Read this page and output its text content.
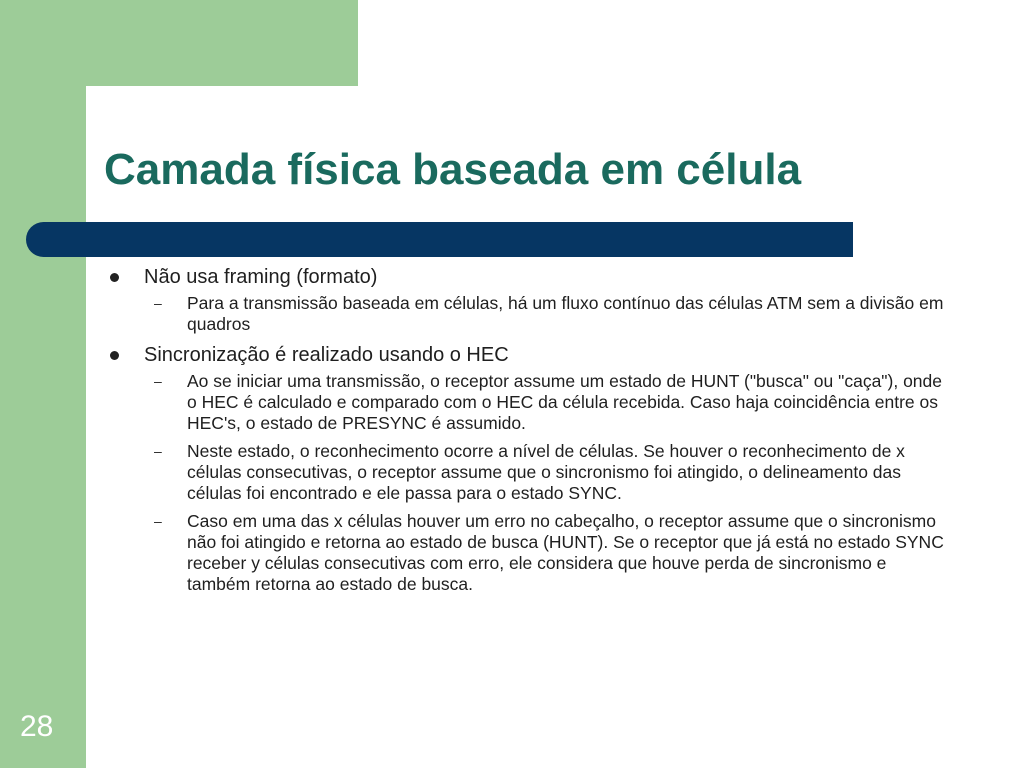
Camada física baseada em célula
Não usa framing (formato)
– Para a transmissão baseada em células, há um fluxo contínuo das células ATM sem a divisão em quadros
Sincronização é realizado usando o HEC
– Ao se iniciar uma transmissão, o receptor assume um estado de HUNT ("busca" ou "caça"), onde o HEC é calculado e comparado com o HEC da célula recebida. Caso haja coincidência entre os HEC's, o estado de PRESYNC é assumido.
– Neste estado, o reconhecimento ocorre a nível de células. Se houver o reconhecimento de x células consecutivas, o receptor assume que o sincronismo foi atingido, o delineamento das células foi encontrado e ele passa para o estado SYNC.
– Caso em uma das x células houver um erro no cabeçalho, o receptor assume que o sincronismo não foi atingido e retorna ao estado de busca (HUNT). Se o receptor que já está no estado SYNC receber y células consecutivas com erro, ele considera que houve perda de sincronismo e também retorna ao estado de busca.
28
